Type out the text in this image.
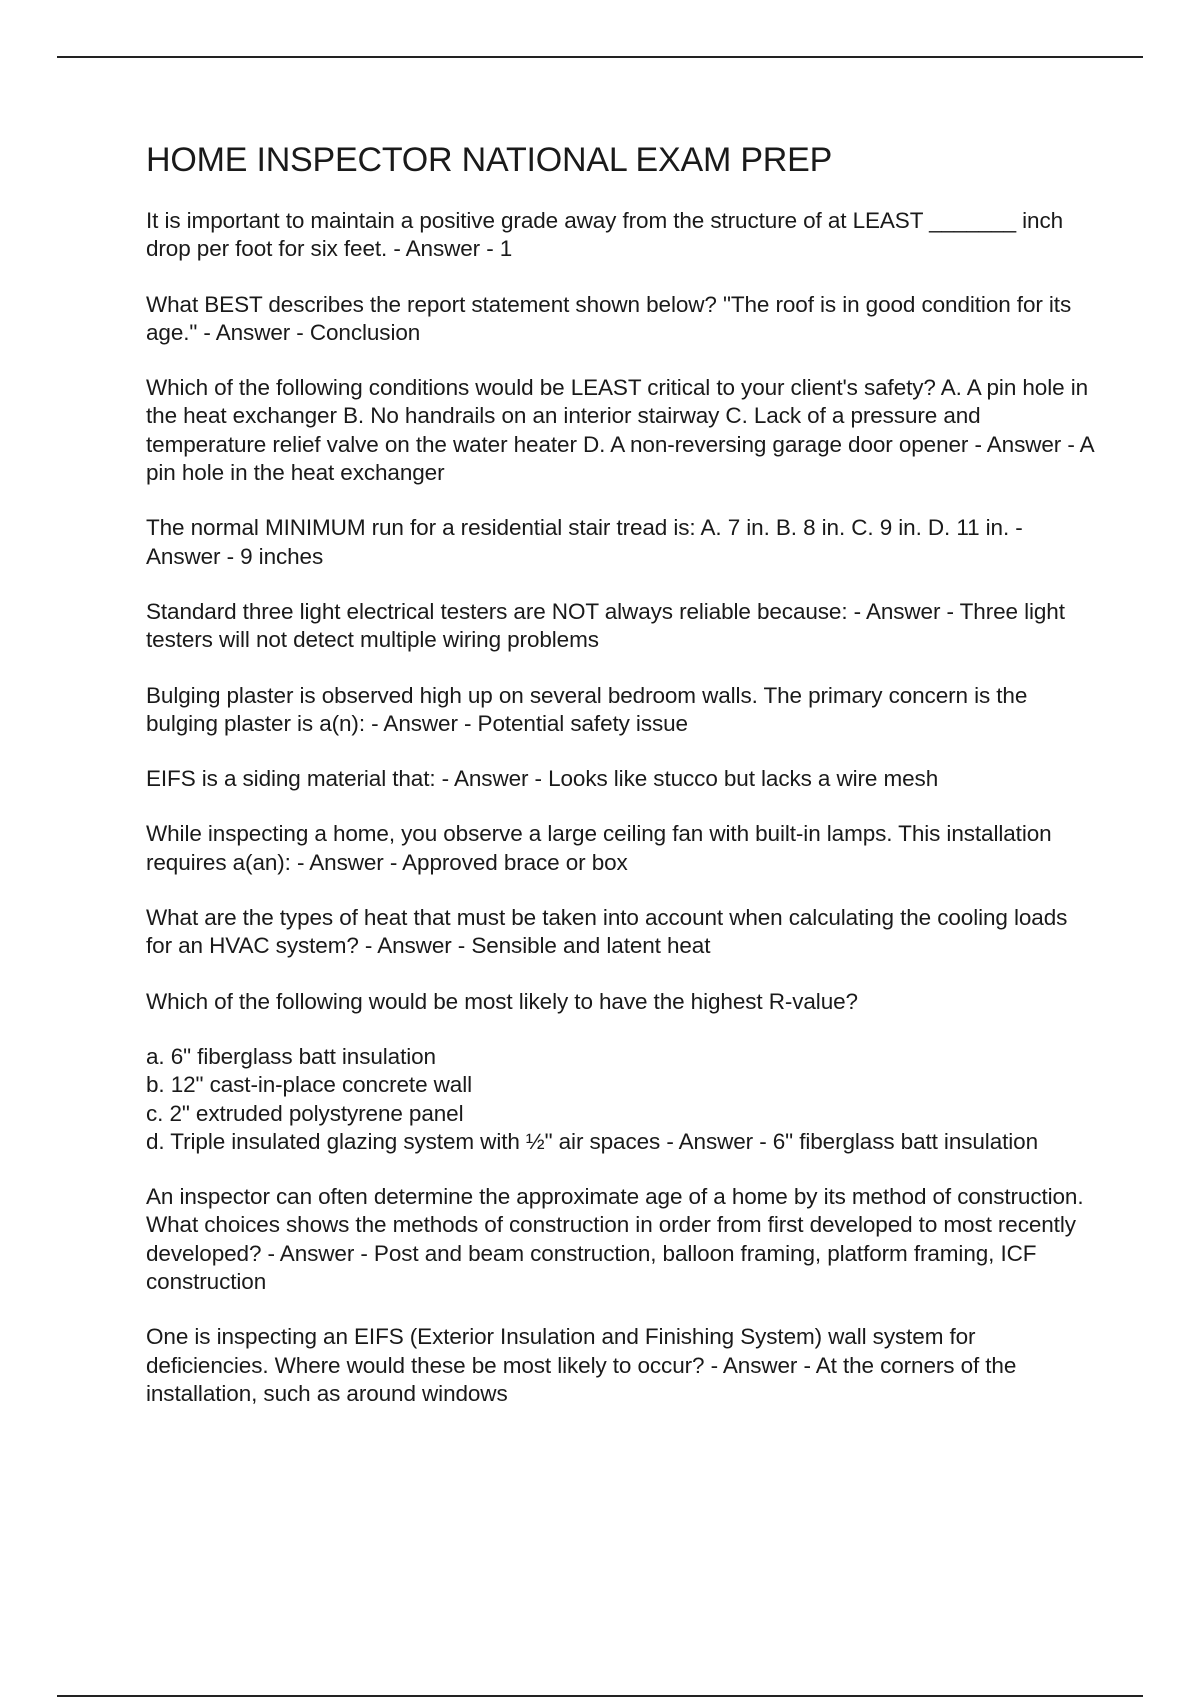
HOME INSPECTOR NATIONAL EXAM PREP

It is important to maintain a positive grade away from the structure of at LEAST _______ inch drop per foot for six feet. - Answer - 1

What BEST describes the report statement shown below? "The roof is in good condition for its age." - Answer - Conclusion

Which of the following conditions would be LEAST critical to your client's safety? A. A pin hole in the heat exchanger B. No handrails on an interior stairway C. Lack of a pressure and temperature relief valve on the water heater D. A non-reversing garage door opener - Answer - A pin hole in the heat exchanger

The normal MINIMUM run for a residential stair tread is: A. 7 in. B. 8 in. C. 9 in. D. 11 in. - Answer - 9 inches

Standard three light electrical testers are NOT always reliable because: - Answer - Three light testers will not detect multiple wiring problems

Bulging plaster is observed high up on several bedroom walls. The primary concern is the bulging plaster is a(n): - Answer - Potential safety issue

EIFS is a siding material that: - Answer - Looks like stucco but lacks a wire mesh

While inspecting a home, you observe a large ceiling fan with built-in lamps. This installation requires a(an): - Answer - Approved brace or box

What are the types of heat that must be taken into account when calculating the cooling loads for an HVAC system? - Answer - Sensible and latent heat

Which of the following would be most likely to have the highest R-value?

a. 6" fiberglass batt insulation
b. 12" cast-in-place concrete wall
c. 2" extruded polystyrene panel
d. Triple insulated glazing system with ½" air spaces - Answer - 6" fiberglass batt insulation

An inspector can often determine the approximate age of a home by its method of construction. What choices shows the methods of construction in order from first developed to most recently developed? - Answer - Post and beam construction, balloon framing, platform framing, ICF construction

One is inspecting an EIFS (Exterior Insulation and Finishing System) wall system for deficiencies. Where would these be most likely to occur? - Answer - At the corners of the installation, such as around windows
